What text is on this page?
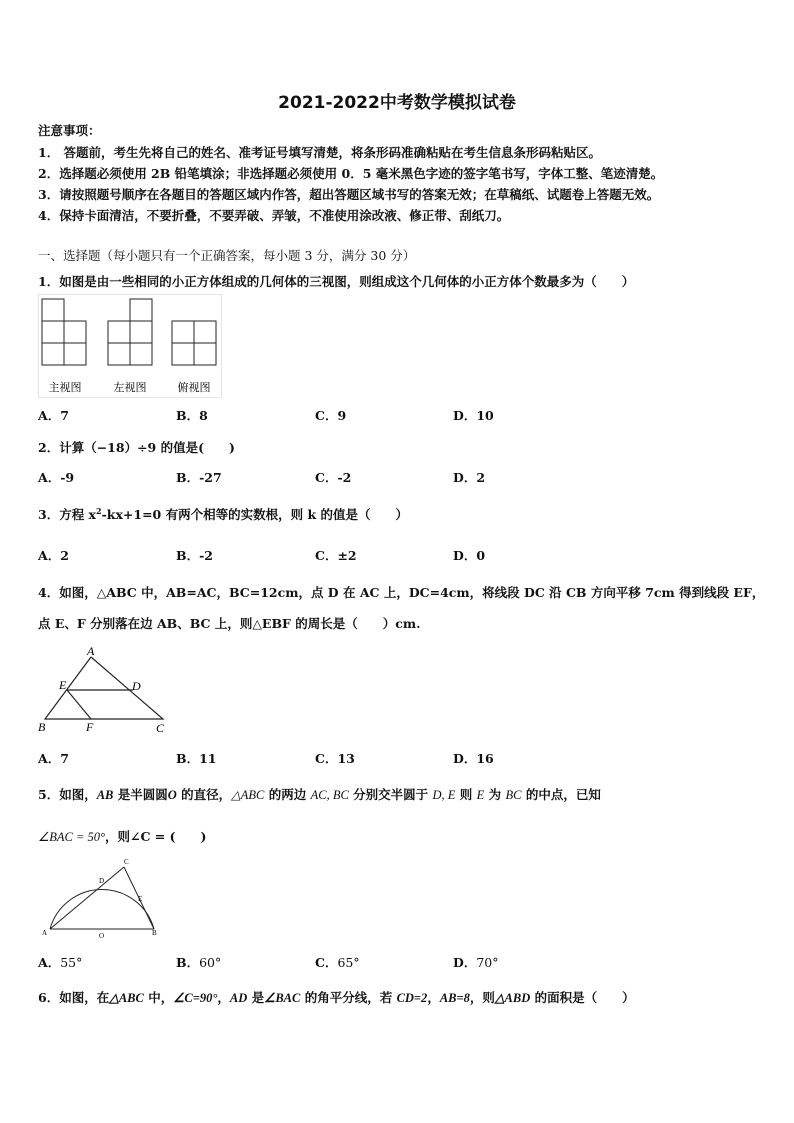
2021-2022中考数学模拟试卷
注意事项：
1． 答题前，考生先将自己的姓名、准考证号填写清楚，将条形码准确粘贴在考生信息条形码粘贴区。
2．选择题必须使用 2B 铅笔填涂；非选择题必须使用 0．5 毫米黑色字迹的签字笔书写，字体工整、笔迹清楚。
3．请按照题号顺序在各题目的答题区域内作答，超出答题区域书写的答案无效；在草稿纸、试题卷上答题无效。
4．保持卡面清洁，不要折叠，不要弄破、弄皱，不准使用涂改液、修正带、刮纸刀。
一、选择题（每小题只有一个正确答案，每小题 3 分，满分 30 分）
1．如图是由一些相同的小正方体组成的几何体的三视图，则组成这个几何体的小正方体个数最多为（　　）
主视图	左视图	俯视图
A．7	B．8	C．9	D．10
2．计算（−18）÷9 的值是(　　)
A．-9	B．-27	C．-2	D．2
3．方程 $x^2-kx+1=0$ 有两个相等的实数根，则 k 的值是（　　）
A．2	B．-2	C．±2	D．0
4．如图，△ABC 中，AB=AC，BC=12cm，点 D 在 AC 上，DC=4cm，将线段 DC 沿 CB 方向平移 7cm 得到线段 EF，
点 E、F 分别落在边 AB、BC 上，则△EBF 的周长是（　　）cm.
A
E	D
B	F	C
A．7	B．11	C．13	D．16
5．如图，AB 是半圆圆O 的直径，△ABC 的两边 AC, BC 分别交半圆于 D, E 则 E 为 BC 的中点，已知
∠BAC = 50°，则∠C = (　　)
C
D
E
A	O	B
A．55°	B．60°	C．65°	D．70°
6．如图，在△ABC 中，∠C=90°，AD 是∠BAC 的角平分线，若 CD=2，AB=8，则△ABD 的面积是（　　）
